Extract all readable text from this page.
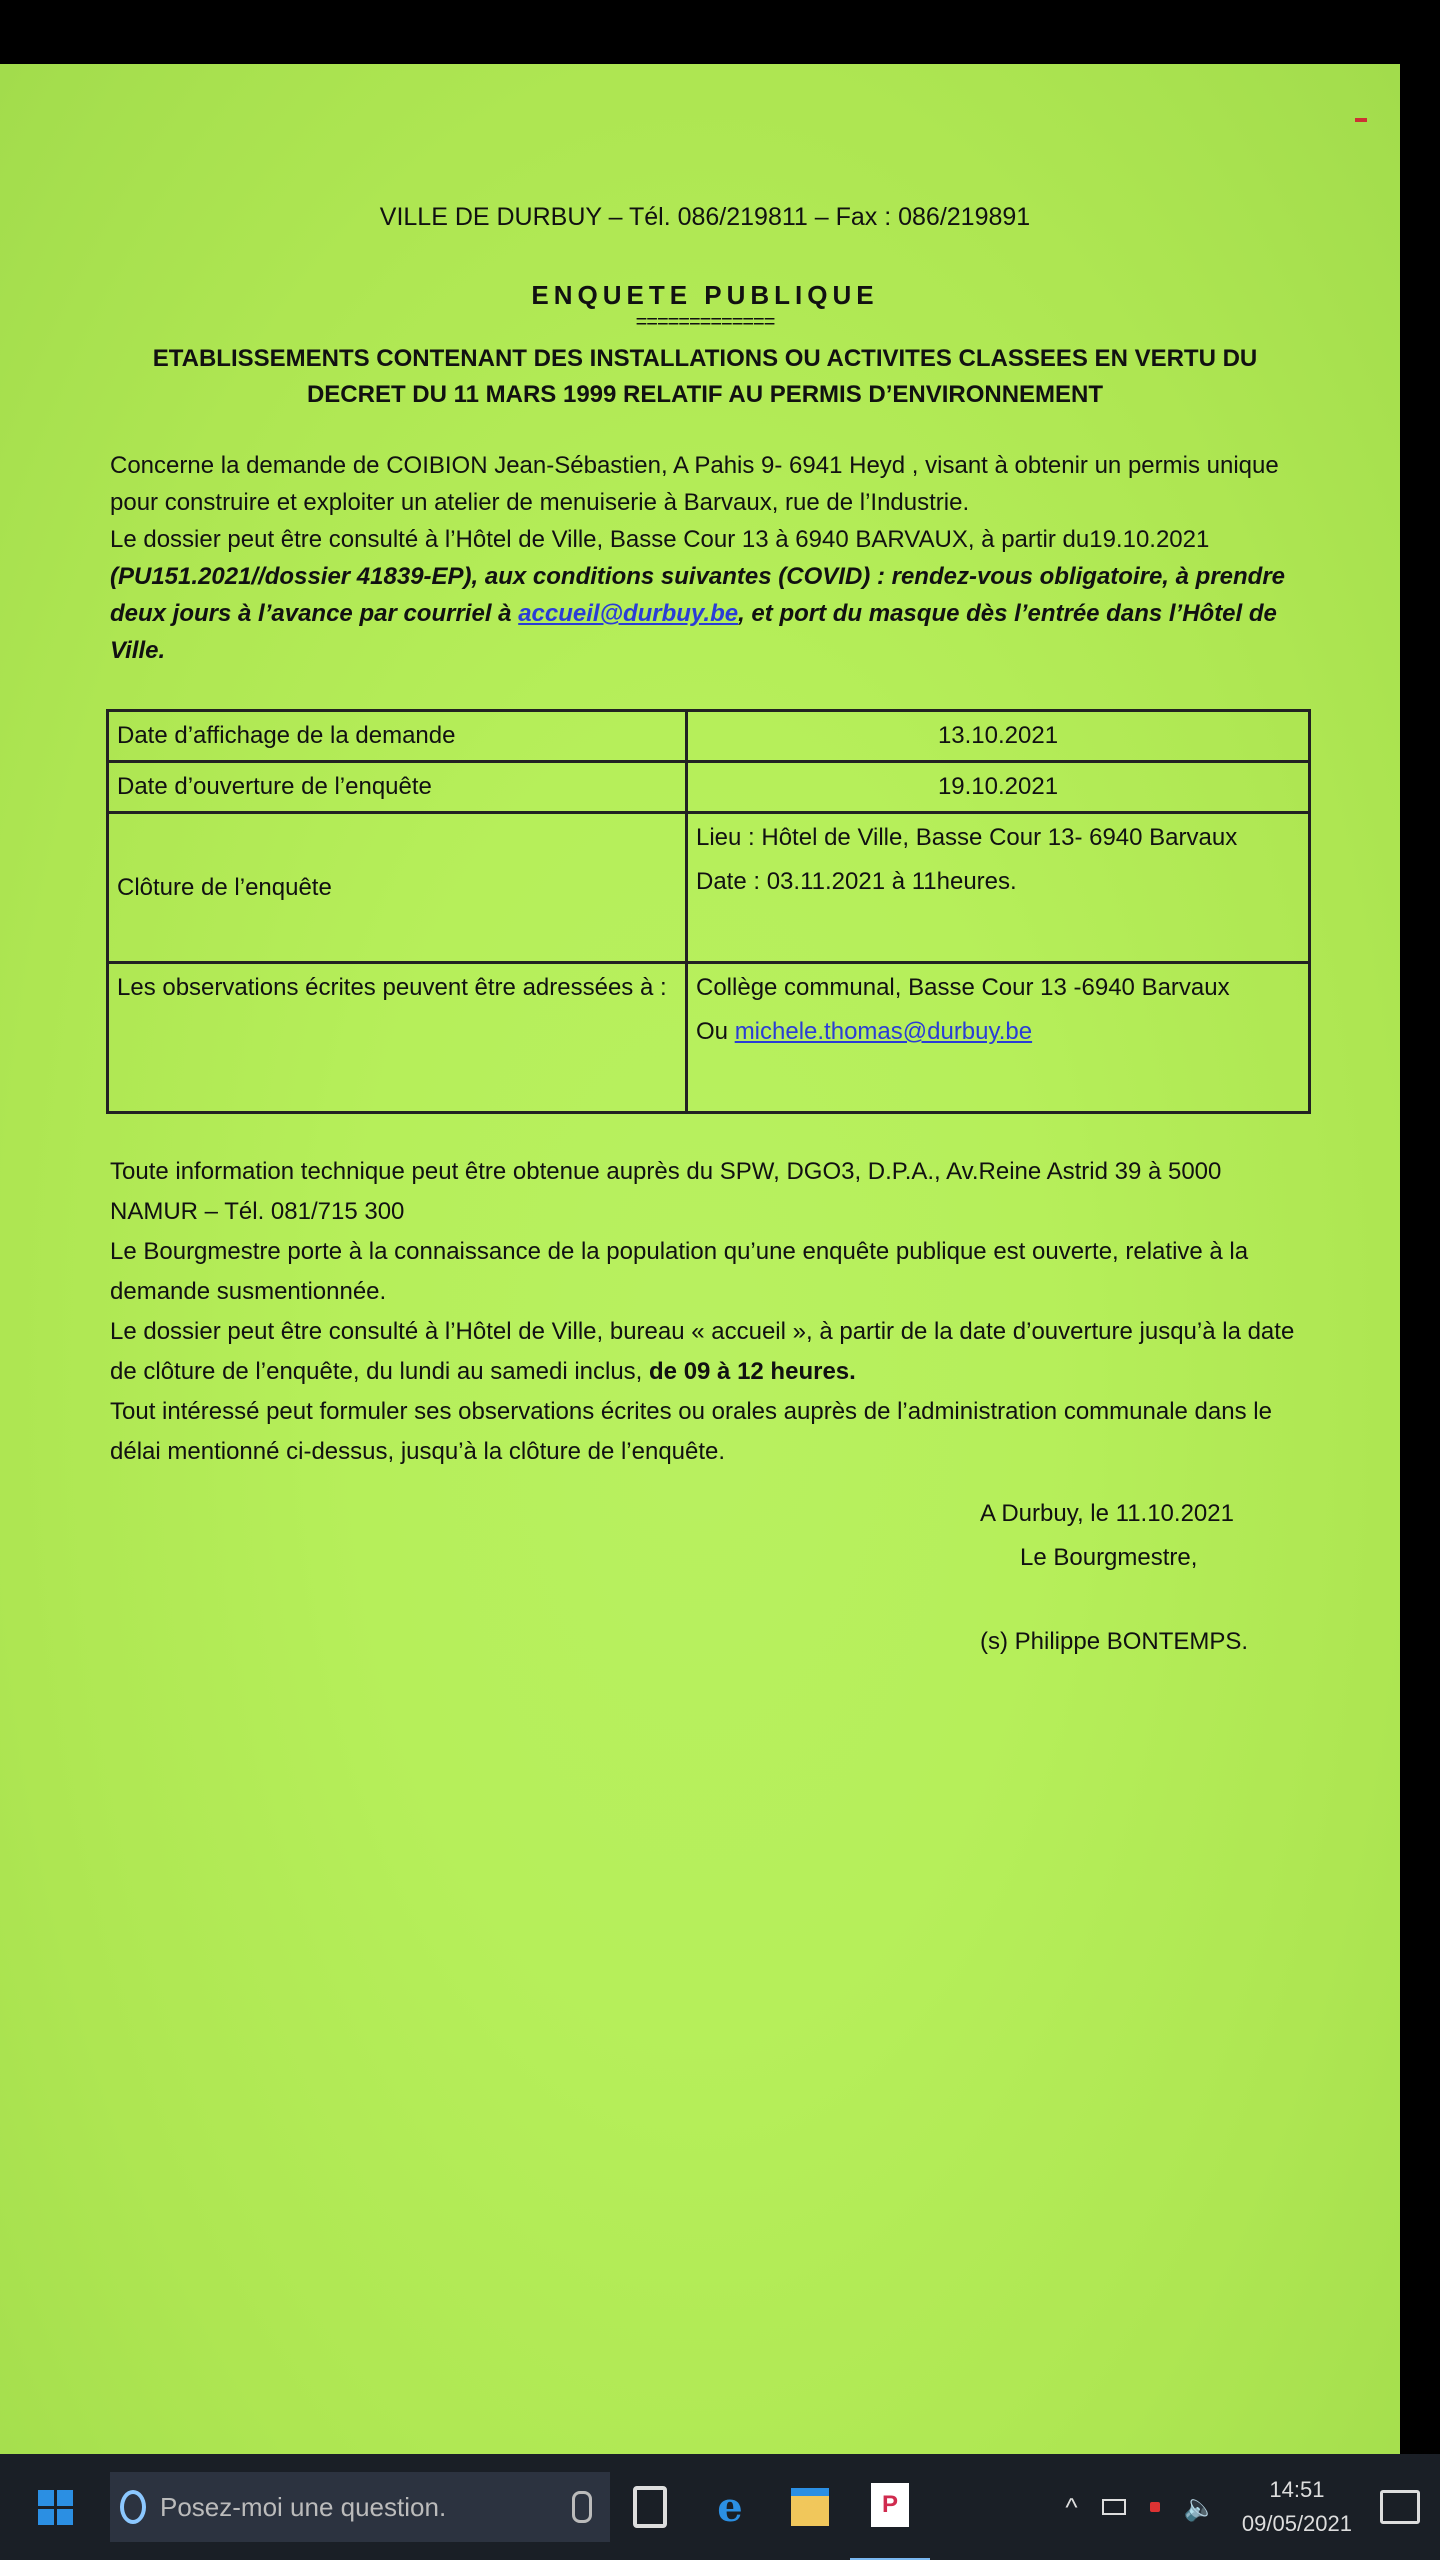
VILLE DE DURBUY – Tél. 086/219811 – Fax : 086/219891
ENQUETE PUBLIQUE
=============
ETABLISSEMENTS CONTENANT DES INSTALLATIONS OU ACTIVITES CLASSEES EN VERTU DU DECRET DU 11 MARS 1999 RELATIF AU PERMIS D’ENVIRONNEMENT

Concerne la demande de COIBION Jean-Sébastien, A Pahis 9- 6941 Heyd , visant à obtenir un permis unique pour construire et exploiter un atelier de menuiserie à Barvaux, rue de l’Industrie.

Le dossier peut être consulté à l’Hôtel de Ville, Basse Cour 13 à 6940 BARVAUX, à partir du19.10.2021
(PU151.2021//dossier 41839-EP), aux conditions suivantes (COVID) : rendez-vous obligatoire, à prendre deux jours à l’avance par courriel à accueil@durbuy.be, et port du masque dès l’entrée dans l’Hôtel de Ville.

Date d’affichage de la demande	13.10.2021
Date d’ouverture de l’enquête	19.10.2021
Clôture de l’enquête	Lieu : Hôtel de Ville, Basse Cour 13- 6940 Barvaux
Date : 03.11.2021 à 11heures.

Les observations écrites peuvent être adressées à :	Collège communal, Basse Cour 13 -6940 Barvaux
Ou michele.thomas@durbuy.be

Toute information technique peut être obtenue auprès du SPW, DGO3, D.P.A., Av.Reine Astrid 39 à 5000 NAMUR – Tél. 081/715 300

Le Bourgmestre porte à la connaissance de la population qu’une enquête publique est ouverte, relative à la demande susmentionnée.

Le dossier peut être consulté à l’Hôtel de Ville, bureau « accueil », à partir de la date d’ouverture jusqu’à la date de clôture de l’enquête, du lundi au samedi inclus, de 09 à 12 heures.

Tout intéressé peut formuler ses observations écrites ou orales auprès de l’administration communale dans le délai mentionné ci-dessus, jusqu’à la clôture de l’enquête.

A Durbuy, le 11.10.2021
Le Bourgmestre,
(s) Philippe BONTEMPS.
Posez-moi une question.	e	P	^	🔈
14:51
09/05/2021
